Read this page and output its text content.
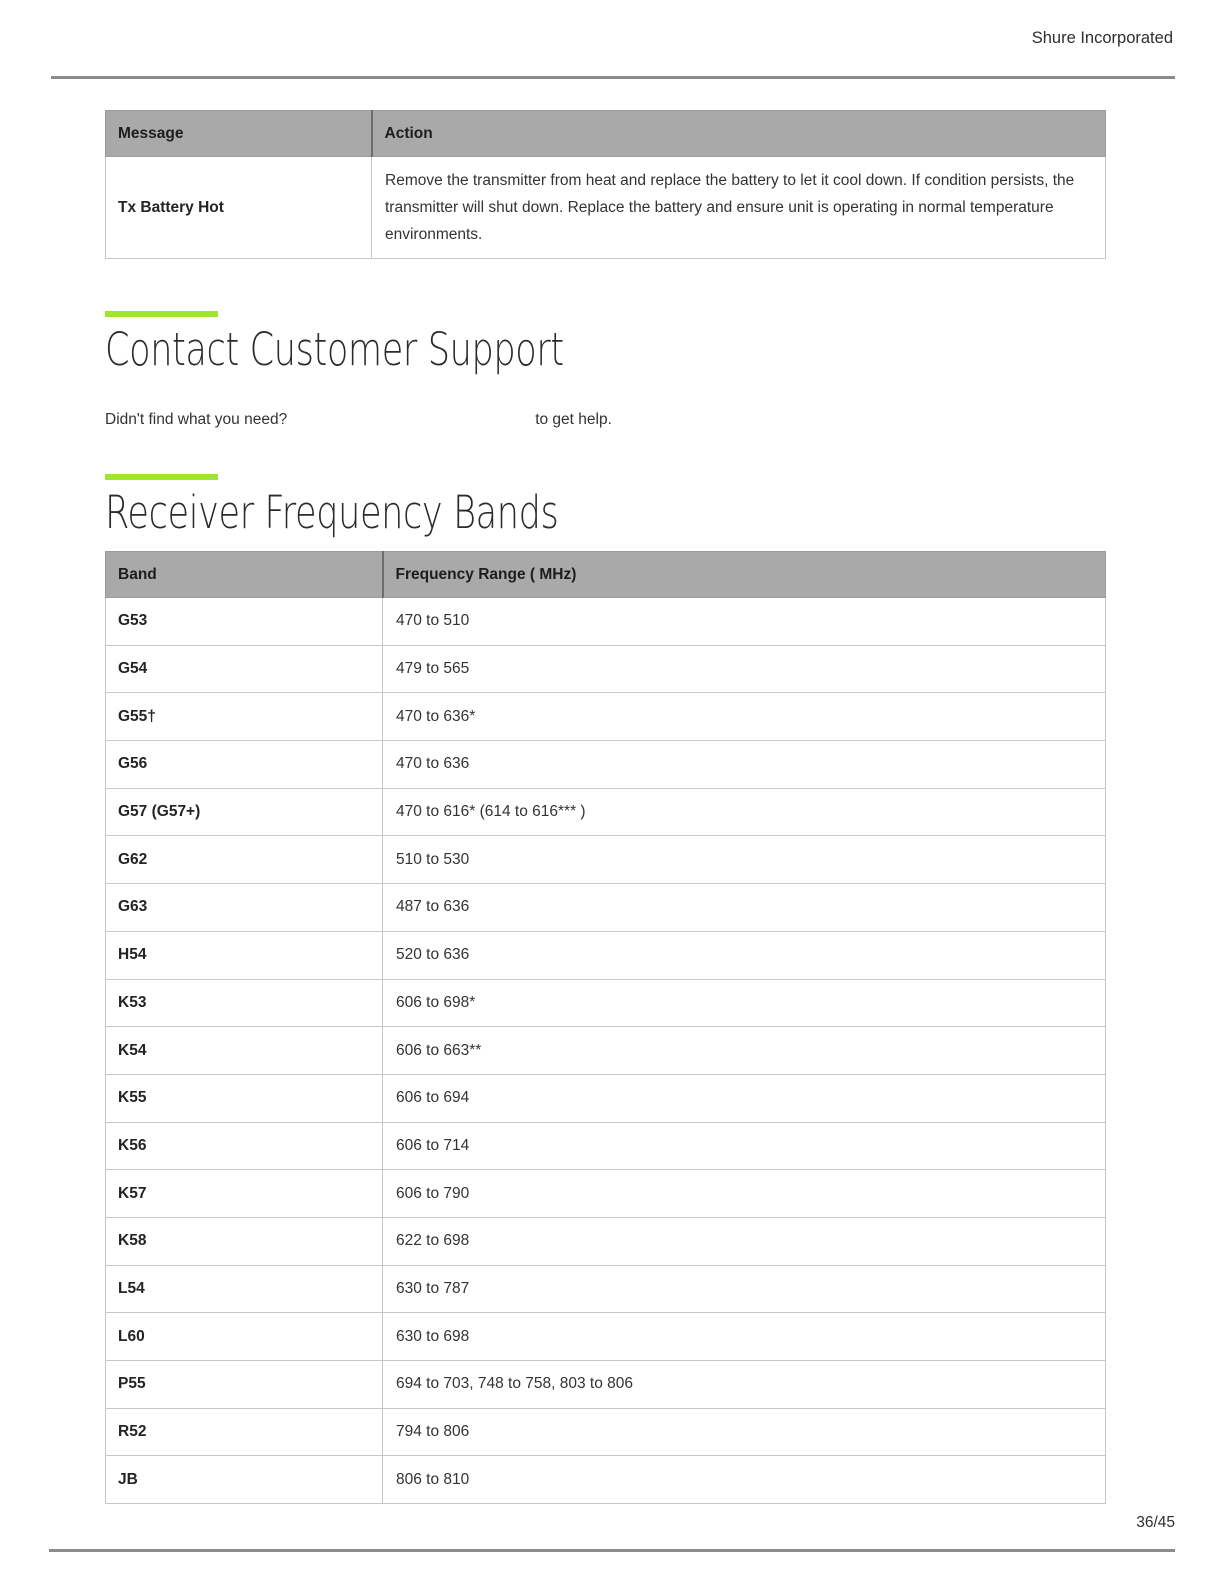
Shure Incorporated
Message	Action
Tx Battery Hot	Remove the transmitter from heat and replace the battery to let it cool down. If condition persists, the transmitter will shut down. Replace the battery and ensure unit is operating in normal temperature environments.
Contact Customer Support

Didn't find what you need?	to get help.

Receiver Frequency Bands
Band	Frequency Range ( MHz)
G53	470 to 510
G54	479 to 565
G55†	470 to 636*
G56	470 to 636
G57 (G57+)	470 to 616* (614 to 616*** )
G62	510 to 530
G63	487 to 636
H54	520 to 636
K53	606 to 698*
K54	606 to 663**
K55	606 to 694
K56	606 to 714
K57	606 to 790
K58	622 to 698
L54	630 to 787
L60	630 to 698
P55	694 to 703, 748 to 758, 803 to 806
R52	794 to 806
JB	806 to 810
36/45
